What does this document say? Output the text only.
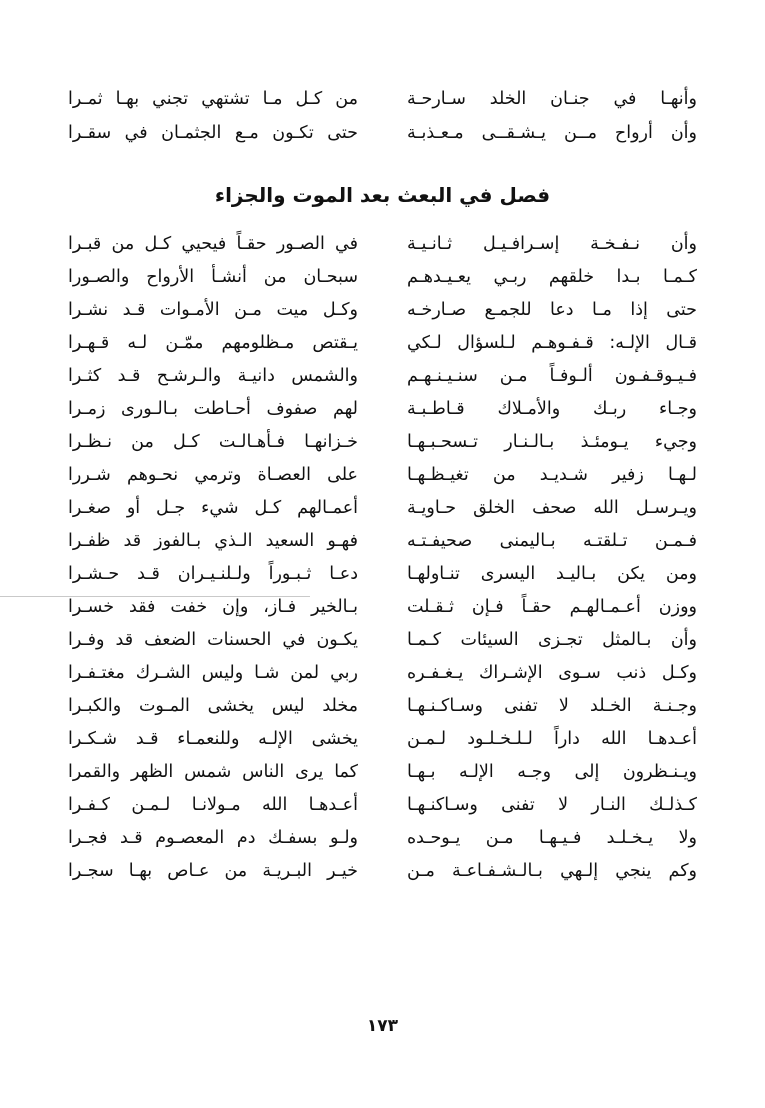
وأنهـا في جنـان الخلد سـارحـة
من كـل مـا تشتهي تجني بهـا ثمـرا
وأن أرواح مــن يـشـقــى مـعـذبـة
حتى تكـون مـع الجثمـان في سقـرا
فصل في البعث بعد الموت والجزاء
وأن نـفـخـة إسـرافـيـل ثـانـيـة
في الصـور حقـاً فيحيي كـل من قبـرا
كـمـا بـدا خلقهم ربـي يعـيـدهـم
سبحـان من أنشـأ الأرواح والصـورا
حتى إذا مـا دعا للجمـع صـارخـه
وكـل ميت مـن الأمـوات قـد نشـرا
قـال الإلـه: قـفـوهـم لـلسؤال لـكي
يـقتص مـظلومهم ممّـن لـه قـهـرا
فـيـوقـفـون ألـوفـاً مـن سنـيـنـهـم
والشمس دانيـة والـرشـح قـد كثـرا
وجـاء ربـك والأمـلاك قـاطـبـة
لهم صفوف أحـاطت بـالـورى زمـرا
وجيء يـومئـذ بـالـنـار تـسحـبـهـا
خـزانهـا فـأهـالـت كـل من نـظـرا
لـهـا زفير شـديـد من تغيـظـهـا
على العصـاة وترمي نحـوهم شـررا
ويـرسـل الله صحف الخلق حـاويـة
أعمـالهم كـل شيء جـل أو صغـرا
فـمـن تـلقتـه بـاليمنى صحيفـتـه
فهـو السعيد الـذي بـالفوز قد ظفـرا
ومن يكن بـاليـد اليسرى تنـاولهـا
دعـا ثـبـوراً ولـلنـيـران قـد حـشـرا
ووزن أعـمـالهـم حقـاً فـإن ثـقـلت
بـالخير فـاز، وإن خفت فقد خسـرا
وأن بـالمثل تجـزى السيئات كـمـا
يكـون في الحسنات الضعف قد وفـرا
وكـل ذنب سـوى الإشـراك يـغـفـره
ربي لمن شـا وليس الشـرك مغتـفـرا
وجـنـة الخـلد لا تفنى وسـاكـنـهـا
مخلد ليس يخشى المـوت والكبـرا
أعـدهـا الله داراً لـلـخـلـود لـمـن
يخشى الإلـه وللنعمـاء قـد شـكـرا
ويـنـظرون إلى وجـه الإلـه بـهـا
كما يرى الناس شمس الظهر والقمرا
كـذلـك النـار لا تفنى وسـاكنـهـا
أعـدهـا الله مـولانـا لـمـن كـفـرا
ولا يـخـلـد فـيـهـا مـن يـوحـده
ولـو بسفـك دم المعصـوم قـد فجـرا
وكم ينجي إلـهي بـالـشـفـاعـة مـن
خيـر البـريـة من عـاص بهـا سجـرا
١٧٣
